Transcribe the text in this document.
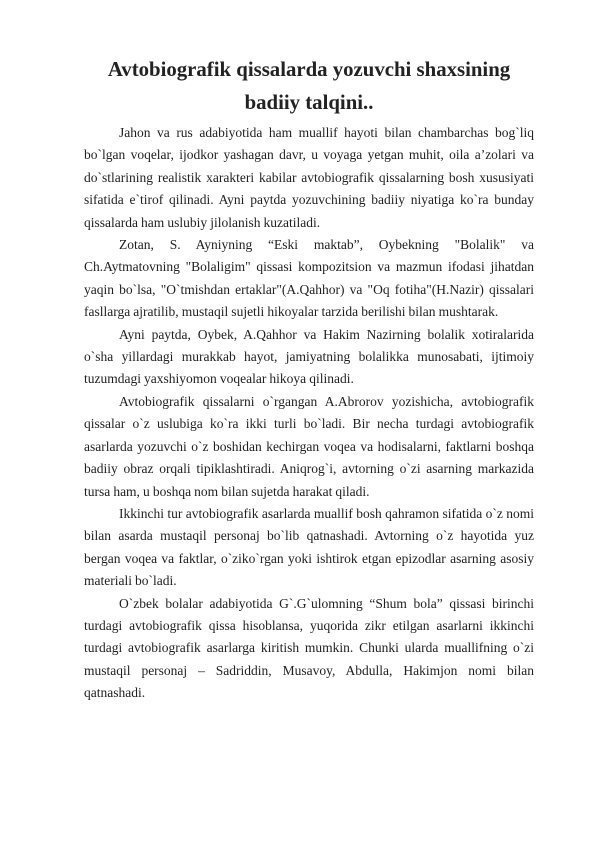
Avtobiografik qissalarda yozuvchi shaxsining badiiy talqini..

Jahon va rus adabiyotida ham muallif hayoti bilan chambarchas bog`liq bo`lgan voqelar, ijodkor yashagan davr, u voyaga yetgan muhit, oila a’zolari va do`stlarining realistik xarakteri kabilar avtobiografik qissalarning bosh xususiyati sifatida e`tirof qilinadi. Ayni paytda yozuvchining badiiy niyatiga ko`ra bunday qissalarda ham uslubiy jilolanish kuzatiladi.

Zotan, S. Ayniyning “Eski maktab”, Oybekning "Bolalik" va Ch.Aytmatovning "Bolaligim" qissasi kompozitsion va mazmun ifodasi jihatdan yaqin bo`lsa, "O`tmishdan ertaklar"(A.Qahhor) va "Oq fotiha"(H.Nazir) qissalari fasllarga ajratilib, mustaqil sujetli hikoyalar tarzida berilishi bilan mushtarak.

Ayni paytda, Oybek, A.Qahhor va Hakim Nazirning bolalik xotiralarida o`sha yillardagi murakkab hayot, jamiyatning bolalikka munosabati, ijtimoiy tuzumdagi yaxshiyomon voqealar hikoya qilinadi.

Avtobiografik qissalarni o`rgangan A.Abrorov yozishicha, avtobiografik qissalar o`z uslubiga ko`ra ikki turli bo`ladi. Bir necha turdagi avtobiografik asarlarda yozuvchi o`z boshidan kechirgan voqea va hodisalarni, faktlarni boshqa badiiy obraz orqali tipiklashtiradi. Aniqrog`i, avtorning o`zi asarning markazida tursa ham, u boshqa nom bilan sujetda harakat qiladi.

Ikkinchi tur avtobiografik asarlarda muallif bosh qahramon sifatida o`z nomi bilan asarda mustaqil personaj bo`lib qatnashadi. Avtorning o`z hayotida yuz bergan voqea va faktlar, o`ziko`rgan yoki ishtirok etgan epizodlar asarning asosiy materiali bo`ladi.

O`zbek bolalar adabiyotida G`.G`ulomning “Shum bola” qissasi birinchi turdagi avtobiografik qissa hisoblansa, yuqorida zikr etilgan asarlarni ikkinchi turdagi avtobiografik asarlarga kiritish mumkin. Chunki ularda muallifning o`zi mustaqil personaj – Sadriddin, Musavoy, Abdulla, Hakimjon nomi bilan qatnashadi.
